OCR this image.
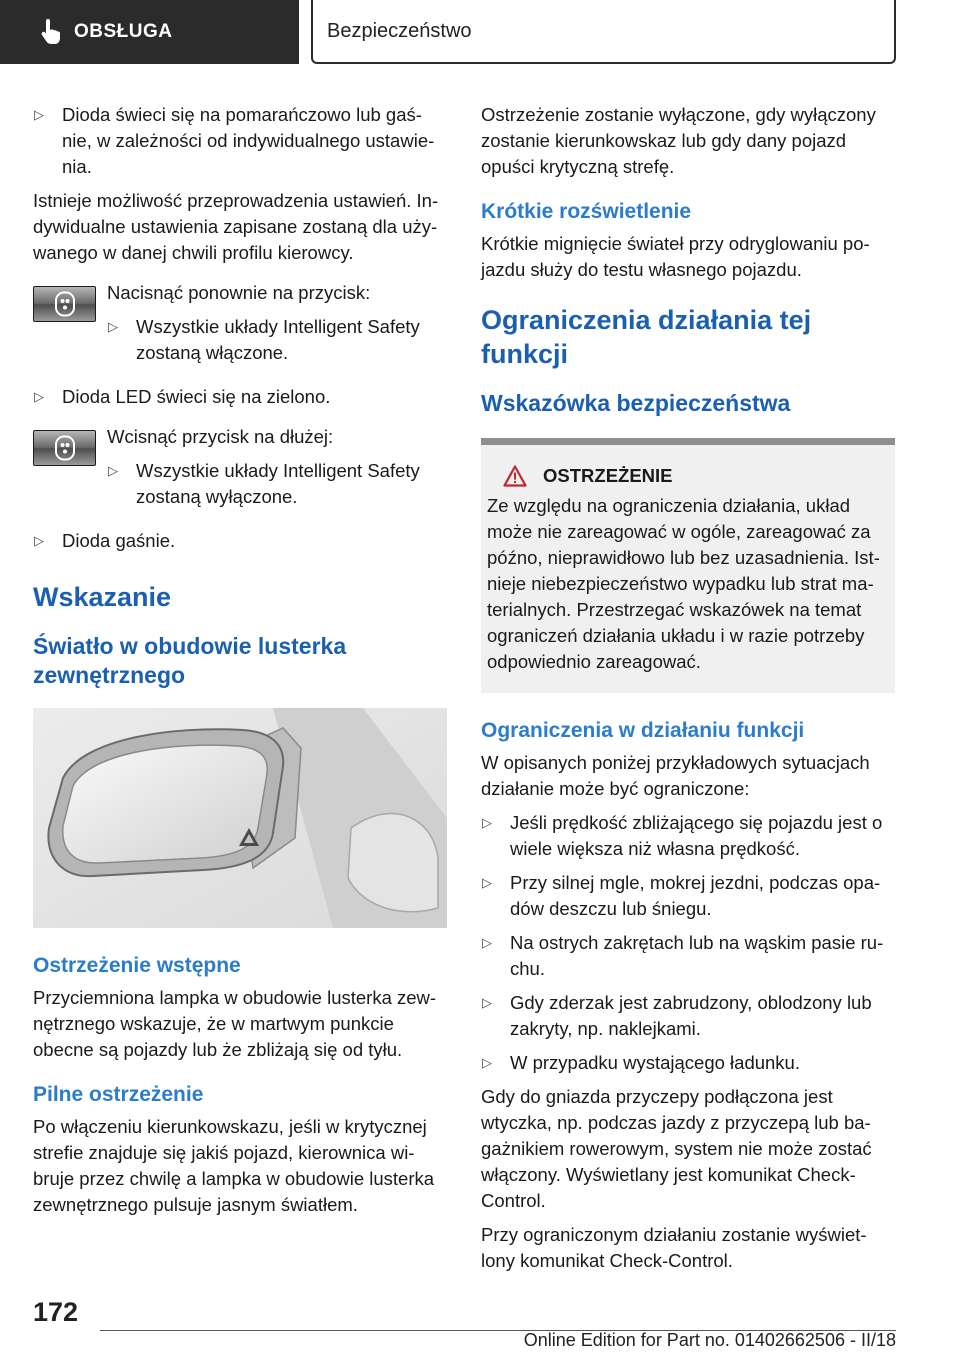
OBSŁUGA	Bezpieczeństwo
▷ Dioda świeci się na pomarańczowo lub gaś-nie, w zależności od indywidualnego ustawie-nia.

Istnieje możliwość przeprowadzenia ustawień. In-dywidualne ustawienia zapisane zostaną dla uży-wanego w danej chwili profilu kierowcy.

Nacisnąć ponownie na przycisk:

▷ Wszystkie układy Intelligent Safety zostaną włączone.
▷ Dioda LED świeci się na zielono.

Wcisnąć przycisk na dłużej:

▷ Wszystkie układy Intelligent Safety zostaną wyłączone.
▷ Dioda gaśnie.
Wskazanie
Światło w obudowie lusterka zewnętrznego
Ostrzeżenie wstępne

Przyciemniona lampka w obudowie lusterka zew-nętrznego wskazuje, że w martwym punkcie obecne są pojazdy lub że zbliżają się od tyłu.

Pilne ostrzeżenie

Po włączeniu kierunkowskazu, jeśli w krytycznej strefie znajduje się jakiś pojazd, kierownica wi-bruje przez chwilę a lampka w obudowie lusterka zewnętrznego pulsuje jasnym światłem.

Ostrzeżenie zostanie wyłączone, gdy wyłączony zostanie kierunkowskaz lub gdy dany pojazd opuści krytyczną strefę.

Krótkie rozświetlenie

Krótkie mignięcie świateł przy odryglowaniu po-jazdu służy do testu własnego pojazdu.

Ograniczenia działania tej funkcji
Wskazówka bezpieczeństwa
OSTRZEŻENIE

Ze względu na ograniczenia działania, układ może nie zareagować w ogóle, zareagować za późno, nieprawidłowo lub bez uzasadnienia. Ist-nieje niebezpieczeństwo wypadku lub strat ma-terialnych. Przestrzegać wskazówek na temat ograniczeń działania układu i w razie potrzeby odpowiednio zareagować.

Ograniczenia w działaniu funkcji

W opisanych poniżej przykładowych sytuacjach działanie może być ograniczone:

▷ Jeśli prędkość zbliżającego się pojazdu jest o wiele większa niż własna prędkość.
▷ Przy silnej mgle, mokrej jezdni, podczas opa-dów deszczu lub śniegu.
▷ Na ostrych zakrętach lub na wąskim pasie ru-chu.
▷ Gdy zderzak jest zabrudzony, oblodzony lub zakryty, np. naklejkami.
▷ W przypadku wystającego ładunku.

Gdy do gniazda przyczepy podłączona jest wtyczka, np. podczas jazdy z przyczepą lub ba-gażnikiem rowerowym, system nie może zostać włączony. Wyświetlany jest komunikat Check-Control.

Przy ograniczonym działaniu zostanie wyświet-lony komunikat Check-Control.

172
Online Edition for Part no. 01402662506 - II/18
